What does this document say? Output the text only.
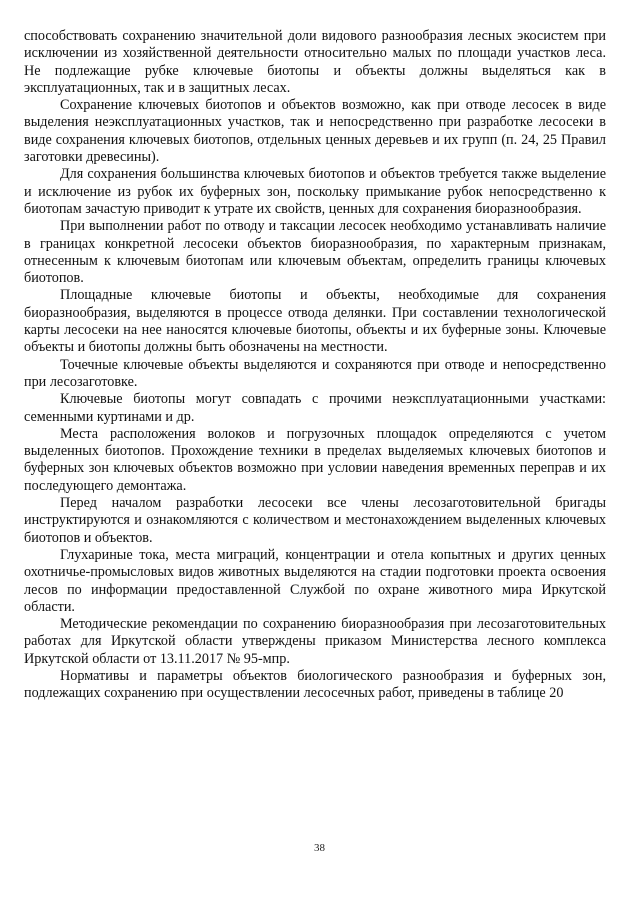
способствовать сохранению значительной доли видового разнообразия лесных экосистем при исключении из хозяйственной деятельности относительно малых по площади участков леса. Не подлежащие рубке ключевые биотопы и объекты должны выделяться как в эксплуатационных, так и в защитных лесах.

Сохранение ключевых биотопов и объектов возможно, как при отводе лесосек в виде выделения неэксплуатационных участков, так и непосредственно при разработке лесосеки в виде сохранения ключевых биотопов, отдельных ценных деревьев и их групп (п. 24, 25 Правил заготовки древесины).

Для сохранения большинства ключевых биотопов и объектов требуется также выделение и исключение из рубок их буферных зон, поскольку примыкание рубок непосредственно к биотопам зачастую приводит к утрате их свойств, ценных для сохранения биоразнообразия.

При выполнении работ по отводу и таксации лесосек необходимо устанавливать наличие в границах конкретной лесосеки объектов биоразнообразия, по характерным признакам, отнесенным к ключевым биотопам или ключевым объектам, определить границы ключевых биотопов.

Площадные ключевые биотопы и объекты, необходимые для сохранения биоразнообразия, выделяются в процессе отвода делянки. При составлении технологической карты лесосеки на нее наносятся ключевые биотопы, объекты и их буферные зоны. Ключевые объекты и биотопы должны быть обозначены на местности.

Точечные ключевые объекты выделяются и сохраняются при отводе и непосредственно при лесозаготовке.

Ключевые биотопы могут совпадать с прочими неэксплуатационными участками: семенными куртинами и др.

Места расположения волоков и погрузочных площадок определяются с учетом выделенных биотопов. Прохождение техники в пределах выделяемых ключевых биотопов и буферных зон ключевых объектов возможно при условии наведения временных переправ и их последующего демонтажа.

Перед началом разработки лесосеки все члены лесозаготовительной бригады инструктируются и ознакомляются с количеством и местонахождением выделенных ключевых биотопов и объектов.

Глухариные тока, места миграций, концентрации и отела копытных и других ценных охотничье-промысловых видов животных выделяются на стадии подготовки проекта освоения лесов по информации предоставленной Службой по охране животного мира Иркутской области.

Методические рекомендации по сохранению биоразнообразия при лесозаготовительных работах для Иркутской области утверждены приказом Министерства лесного комплекса Иркутской области от 13.11.2017 № 95-мпр.

Нормативы и параметры объектов биологического разнообразия и буферных зон, подлежащих сохранению при осуществлении лесосечных работ, приведены в таблице 20

38
